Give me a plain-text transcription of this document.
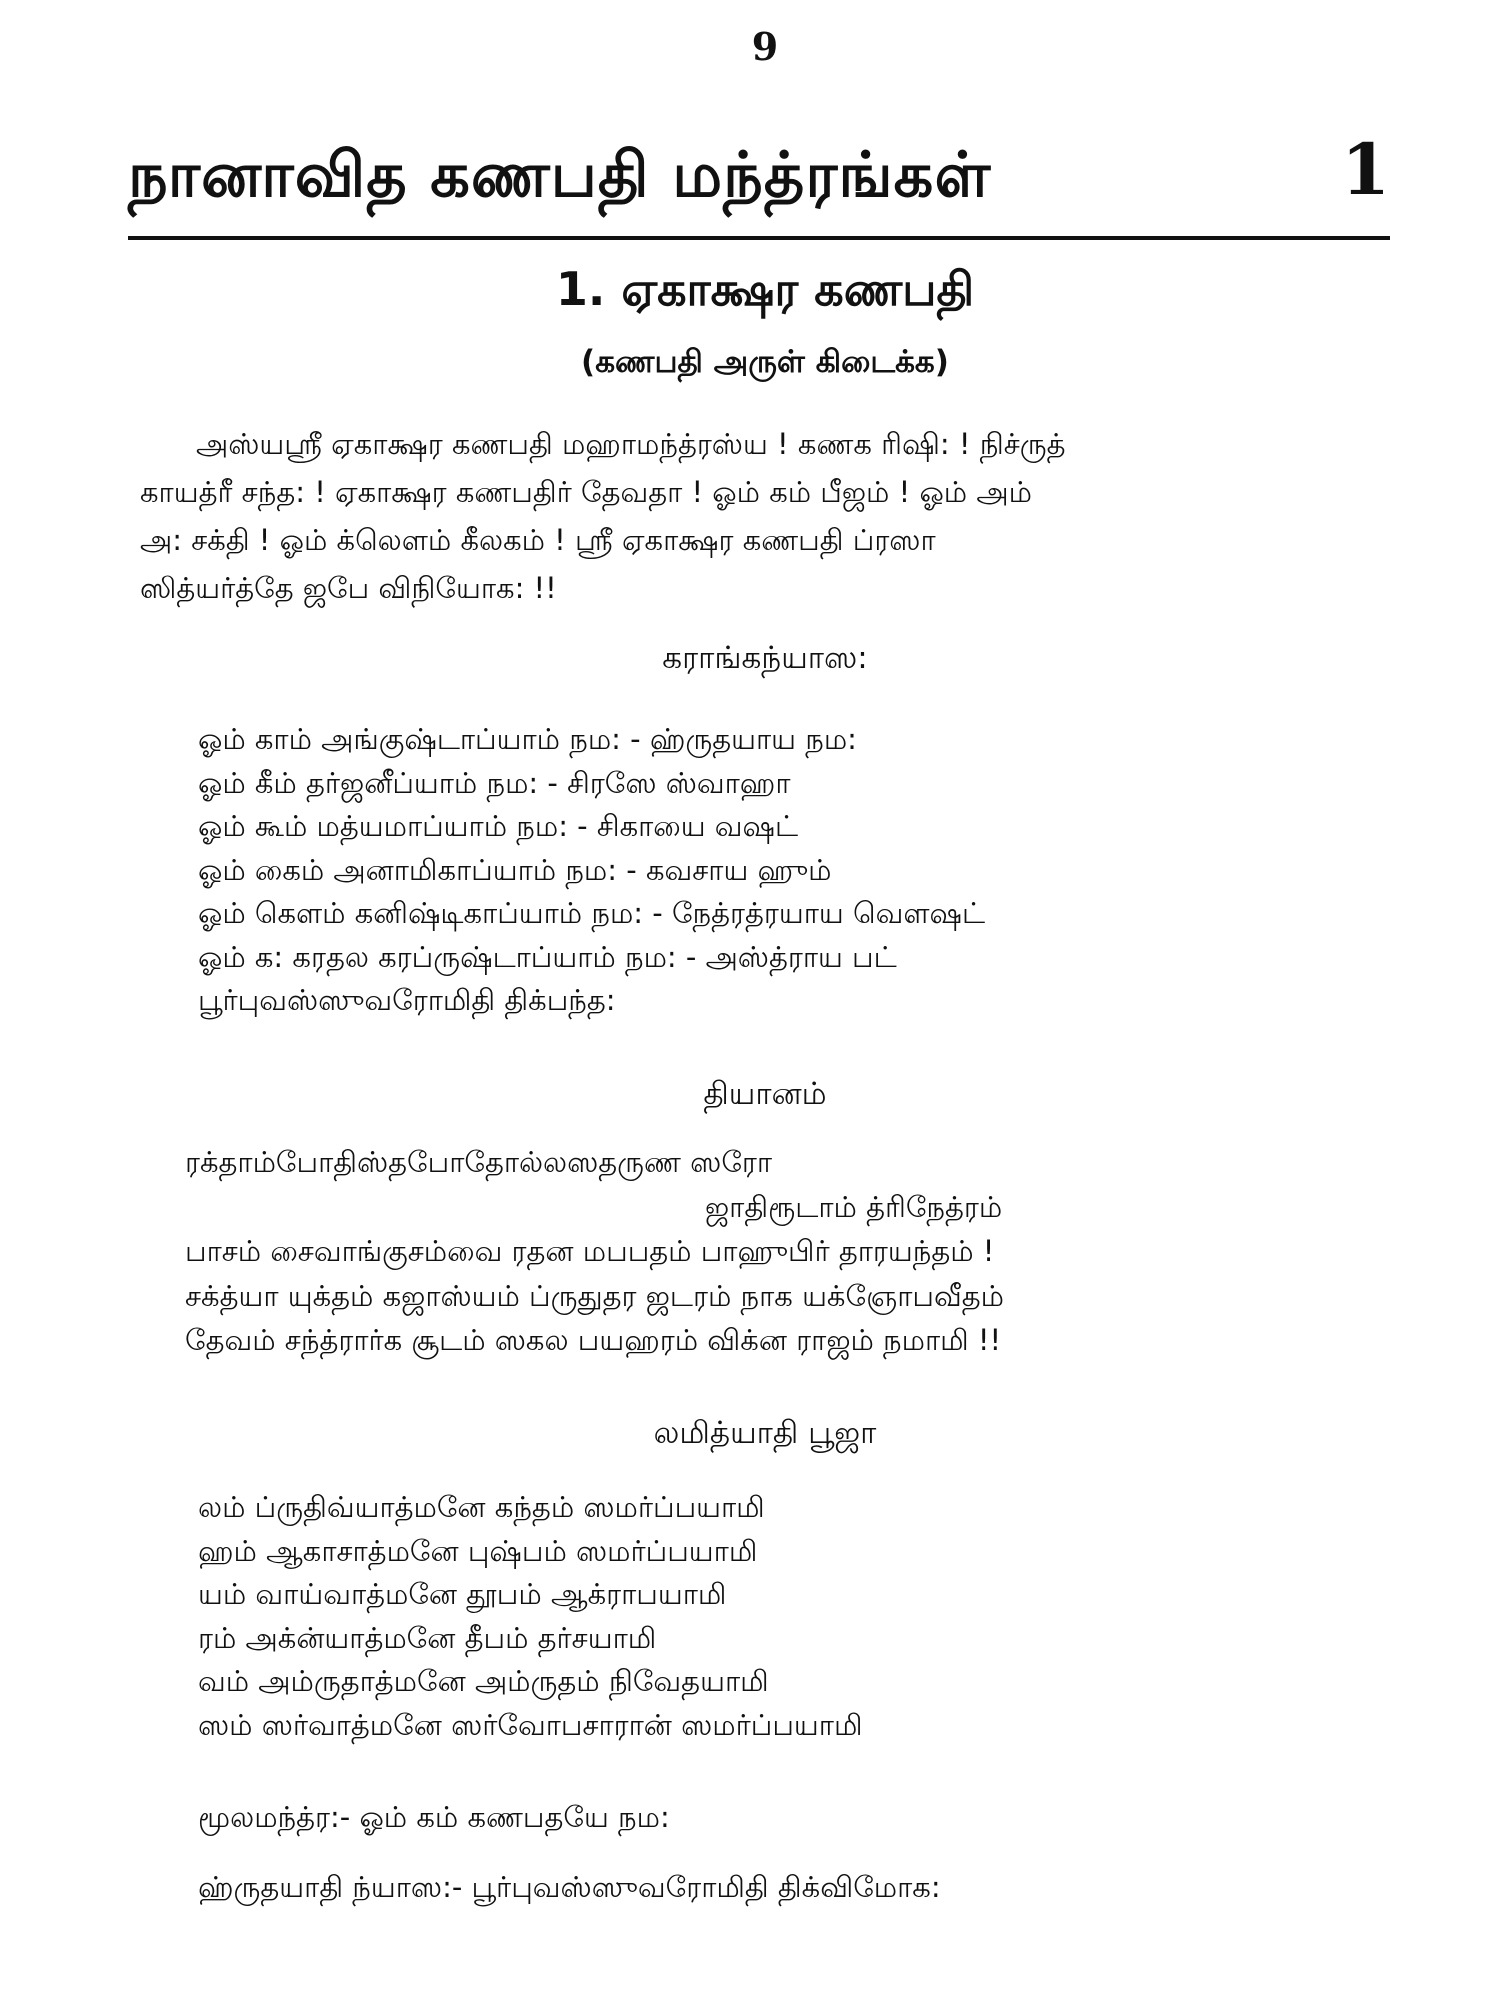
9
நானாவித கணபதி மந்த்ரங்கள்	1
1. ஏகாக்ஷர கணபதி
(கணபதி அருள் கிடைக்க)
அஸ்யஸ்ரீ ஏகாக்ஷர கணபதி மஹாமந்த்ரஸ்ய ! கணக ரிஷி: ! நிச்ருத்
காயத்ரீ சந்த: ! ஏகாக்ஷர கணபதிர் தேவதா ! ஓம் கம் பீஜம் ! ஓம் அம்
அ: சக்தி ! ஓம் க்லௌம் கீலகம் ! ஸ்ரீ ஏகாக்ஷர கணபதி ப்ரஸா
ஸித்யர்த்தே ஜபே விநியோக: !!
கராங்கந்யாஸ:
ஓம் காம் அங்குஷ்டாப்யாம் நம: - ஹ்ருதயாய நம:
ஓம் கீம் தர்ஜனீப்யாம் நம: - சிரஸே ஸ்வாஹா
ஓம் கூம் மத்யமாப்யாம் நம: - சிகாயை வஷட்
ஓம் கைம் அனாமிகாப்யாம் நம: - கவசாய ஹும்
ஓம் கௌம் கனிஷ்டிகாப்யாம் நம: - நேத்ரத்ரயாய வௌஷட்
ஓம் க: கரதல கரப்ருஷ்டாப்யாம் நம: - அஸ்த்ராய பட்
பூர்புவஸ்ஸுவரோமிதி திக்பந்த:
தியானம்
ரக்தாம்போதிஸ்தபோதோல்லஸதருண ஸரோ
ஜாதிரூடாம் த்ரிநேத்ரம்
பாசம் சைவாங்குசம்வை ரதன மபபதம் பாஹுபிர் தாரயந்தம் !
சக்த்யா யுக்தம் கஜாஸ்யம் ப்ருதுதர ஜடரம் நாக யக்ஞோபவீதம்
தேவம் சந்த்ரார்க சூடம் ஸகல பயஹரம் விக்ன ராஜம் நமாமி !!
லமித்யாதி பூஜா
லம் ப்ருதிவ்யாத்மனே கந்தம் ஸமர்ப்பயாமி
ஹம் ஆகாசாத்மனே புஷ்பம் ஸமர்ப்பயாமி
யம் வாய்வாத்மனே தூபம் ஆக்ராபயாமி
ரம் அக்ன்யாத்மனே தீபம் தர்சயாமி
வம் அம்ருதாத்மனே அம்ருதம் நிவேதயாமி
ஸம் ஸர்வாத்மனே ஸர்வோபசாரான் ஸமர்ப்பயாமி
மூலமந்த்ர:- ஓம் கம் கணபதயே நம:
ஹ்ருதயாதி ந்யாஸ:- பூர்புவஸ்ஸுவரோமிதி திக்விமோக:
